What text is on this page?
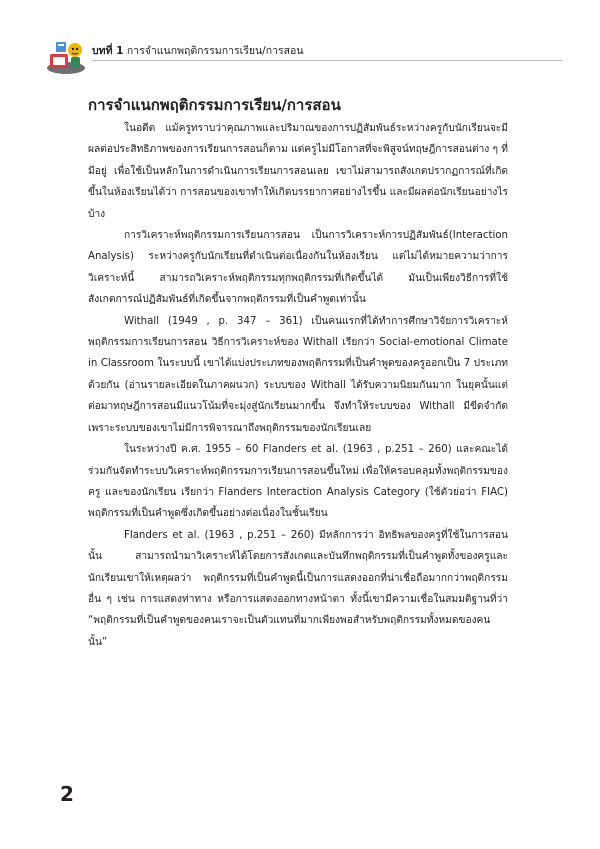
บทที่ 1 การจำแนกพฤติกรรมการเรียน/การสอน
การจำแนกพฤติกรรมการเรียน/การสอน

ในอดีต แม้ครูทราบว่าคุณภาพและปริมาณของการปฏิสัมพันธ์ระหว่างครูกับนักเรียนจะมีผลต่อประสิทธิภาพของการเรียนการสอนก็ตาม แต่ครูไม่มีโอกาสที่จะพิสูจน์ทฤษฎีการสอนต่าง ๆ ที่มีอยู่ เพื่อใช้เป็นหลักในการดำเนินการเรียนการสอนเลย เขาไม่สามารถสังเกตปรากฏการณ์ที่เกิดขึ้นในห้องเรียนได้ว่า การสอนของเขาทำให้เกิดบรรยากาศอย่างไรขึ้น และมีผลต่อนักเรียนอย่างไรบ้าง

การวิเคราะห์พฤติกรรมการเรียนการสอน เป็นการวิเคราะห์การปฏิสัมพันธ์(Interaction Analysis) ระหว่างครูกับนักเรียนที่ดำเนินต่อเนื่องกันในห้องเรียน แต่ไม่ได้หมายความว่าการวิเคราะห์นี้ สามารถวิเคราะห์พฤติกรรมทุกพฤติกรรมที่เกิดขึ้นได้ มันเป็นเพียงวิธีการที่ใช้สังเกตการณ์ปฏิสัมพันธ์ที่เกิดขึ้นจากพฤติกรรมที่เป็นคำพูดเท่านั้น

Withall (1949 , p. 347 – 361) เป็นคนแรกที่ได้ทำการศึกษาวิจัยการวิเคราะห์พฤติกรรมการเรียนการสอน วิธีการวิเคราะห์ของ Withall เรียกว่า Social-emotional Climate in Classroom ในระบบนี้ เขาได้แบ่งประเภทของพฤติกรรมที่เป็นคำพูดของครูออกเป็น 7 ประเภทด้วยกัน (อ่านรายละเอียดในภาคผนวก) ระบบของ Withall ได้รับความนิยมกันมาก ในยุคนั้นแต่ต่อมาทฤษฎีการสอนมีแนวโน้มที่จะมุ่งสู่นักเรียนมากขึ้น จึงทำให้ระบบของ Withall มีขีดจำกัดเพราะระบบของเขาไม่มีการพิจารณาถึงพฤติกรรมของนักเรียนเลย

ในระหว่างปี ค.ศ. 1955 – 60 Flanders et al. (1963 , p.251 – 260) และคณะได้ร่วมกันจัดทำระบบวิเคราะห์พฤติกรรมการเรียนการสอนขึ้นใหม่ เพื่อให้ครอบคลุมทั้งพฤติกรรมของครู และของนักเรียน เรียกว่า Flanders Interaction Analysis Category (ใช้ตัวย่อว่า FIAC) พฤติกรรมที่เป็นคำพูดซึ่งเกิดขึ้นอย่างต่อเนื่องในชั้นเรียน

Flanders et al. (1963 , p.251 – 260) มีหลักการว่า อิทธิพลของครูที่ใช้ในการสอนนั้น สามารถนำมาวิเคราะห์ได้โดยการสังเกตและบันทึกพฤติกรรมที่เป็นคำพูดทั้งของครูและนักเรียนเขาให้เหตุผลว่า พฤติกรรมที่เป็นคำพูดนี้เป็นการแสดงออกที่น่าเชื่อถือมากกว่าพฤติกรรมอื่น ๆ เช่น การแสดงท่าทาง หรือการแสดงออกทางหน้าตา ทั้งนี้เขามีความเชื่อในสมมติฐานที่ว่า “พฤติกรรมที่เป็นคำพูดของคนเราจะเป็นตัวแทนที่มากเพียงพอสำหรับพฤติกรรมทั้งหมดของคนนั้น”

2
